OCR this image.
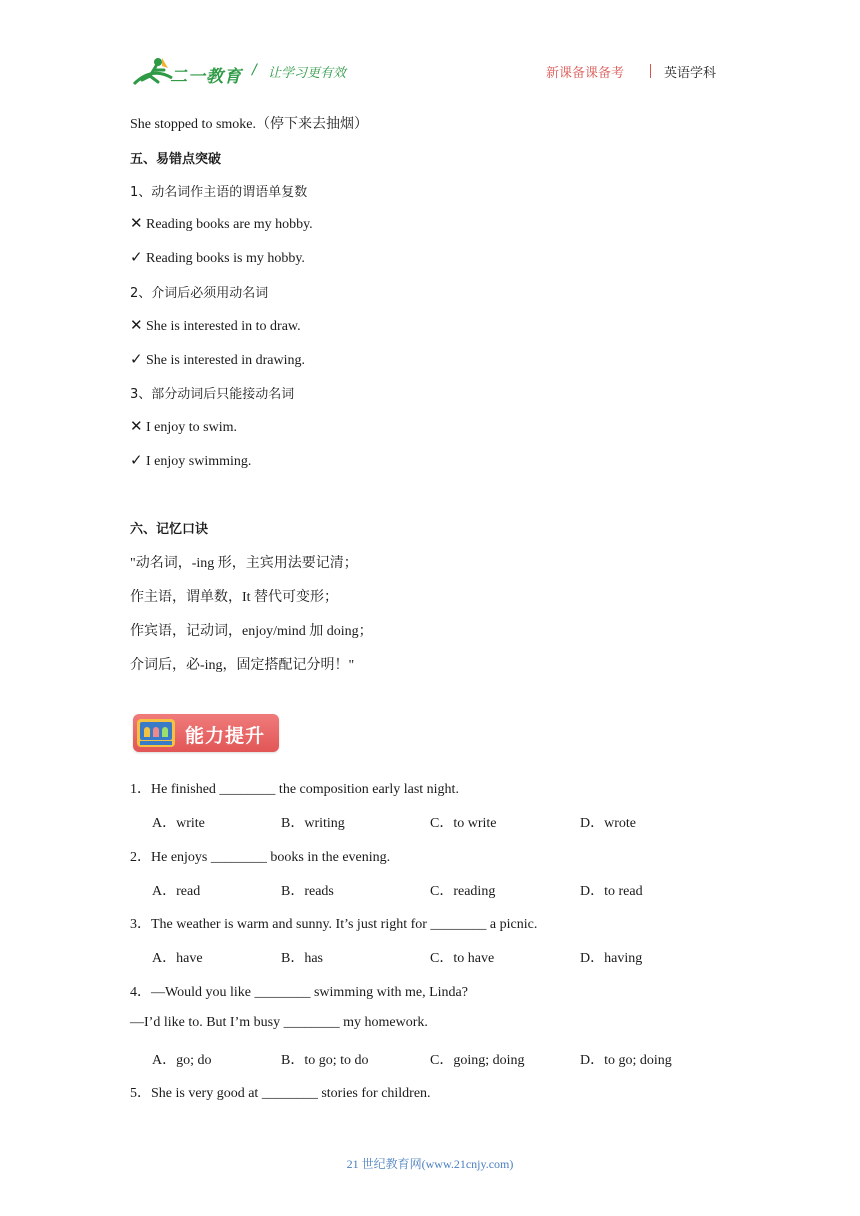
二一教育 / 让学习更有效	新课备课备考	英语学科
She stopped to smoke.（停下来去抽烟）
五、易错点突破
1、动名词作主语的谓语单复数
✕ Reading books are my hobby.
✓ Reading books is my hobby.
2、介词后必须用动名词
✕ She is interested in to draw.
✓ She is interested in drawing.
3、部分动词后只能接动名词
✕ I enjoy to swim.
✓ I enjoy swimming.
六、记忆口诀
"动名词，-ing 形，主宾用法要记清；
作主语，谓单数，It 替代可变形；
作宾语，记动词，enjoy/mind 加 doing；
介词后，必-ing，固定搭配记分明！"
能力提升
1．He finished ________ the composition early last night.
A．write	B．writing	C．to write	D．wrote
2．He enjoys ________ books in the evening.
A．read	B．reads	C．reading	D．to read
3．The weather is warm and sunny. It’s just right for ________ a picnic.
A．have	B．has	C．to have	D．having
4．—Would you like ________ swimming with me, Linda?
—I’d like to. But I’m busy ________ my homework.
A．go; do	B．to go; to do	C．going; doing	D．to go; doing
5．She is very good at ________ stories for children.
21 世纪教育网(www.21cnjy.com)
